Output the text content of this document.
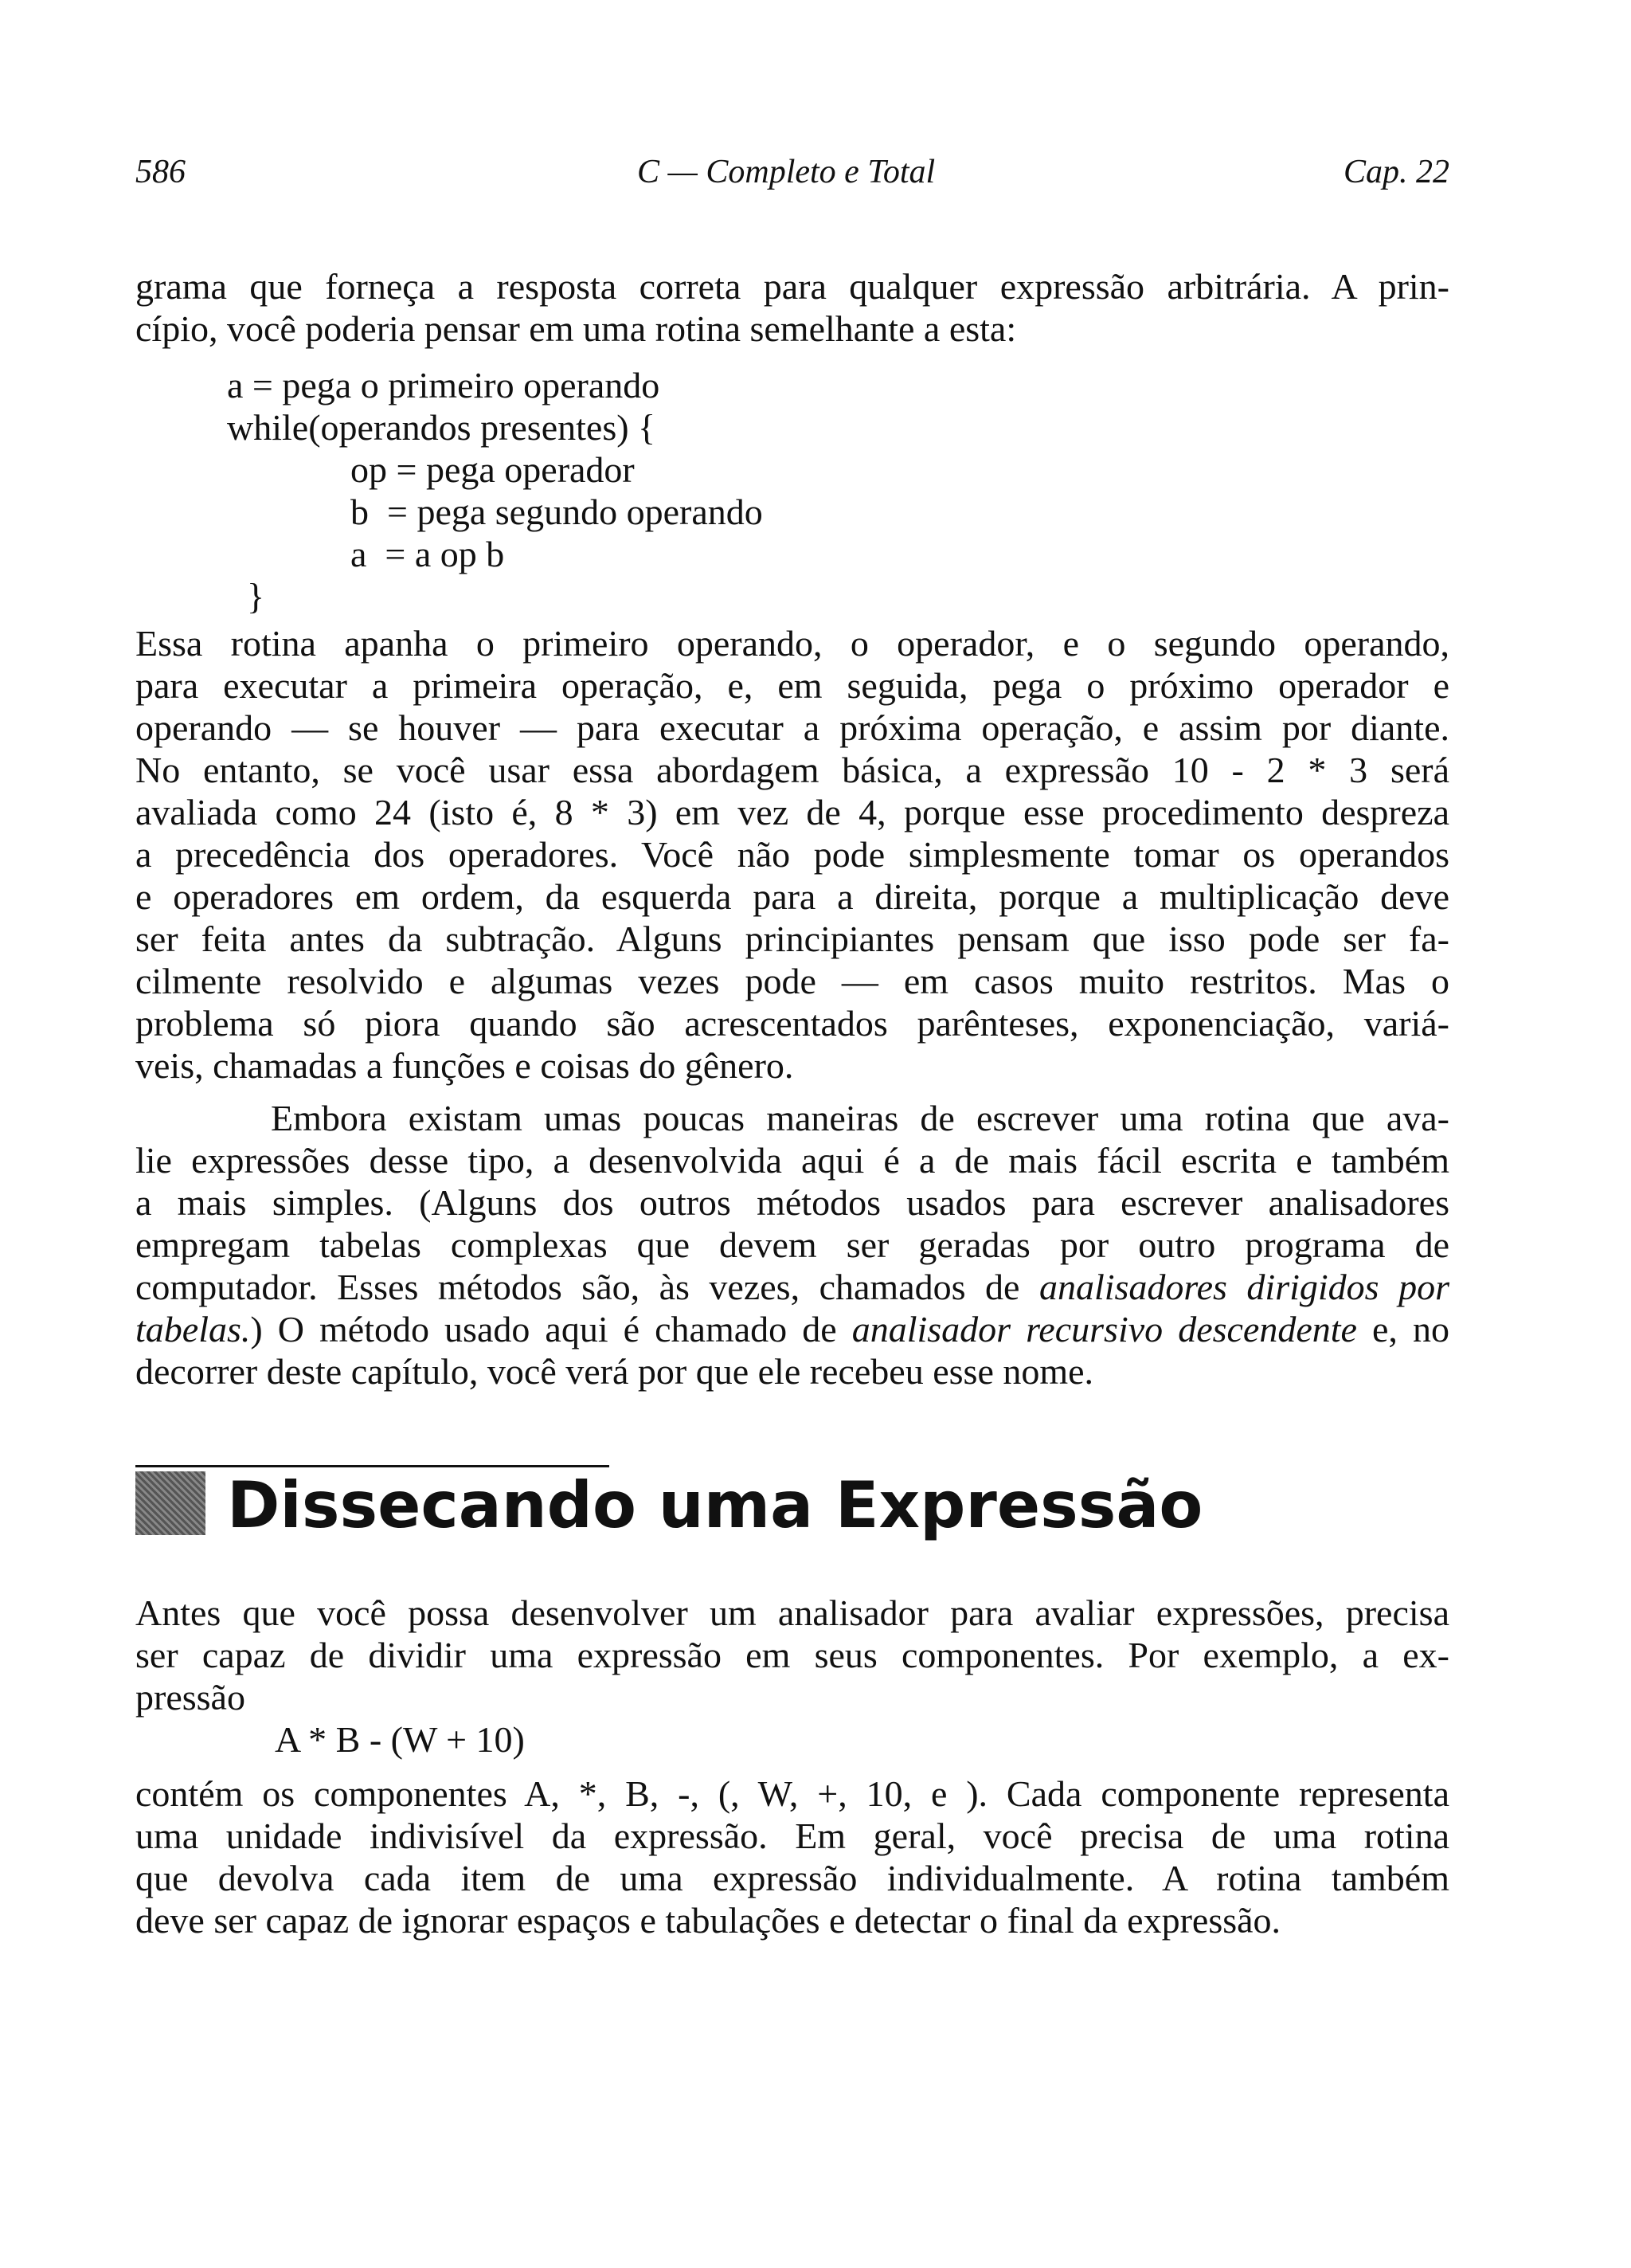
586	C — Completo e Total	Cap. 22
grama que forneça a resposta correta para qualquer expressão arbitrária. A prin-
cípio, você poderia pensar em uma rotina semelhante a esta:
a = pega o primeiro operando
while(operandos presentes) {
op = pega operador
b  = pega segundo operando
a  = a op b
}
Essa rotina apanha o primeiro operando, o operador, e o segundo operando,
para executar a primeira operação, e, em seguida, pega o próximo operador e
operando — se houver — para executar a próxima operação, e assim por diante.
No entanto, se você usar essa abordagem básica, a expressão 10 - 2 * 3 será
avaliada como 24 (isto é, 8 * 3) em vez de 4, porque esse procedimento despreza
a precedência dos operadores. Você não pode simplesmente tomar os operandos
e operadores em ordem, da esquerda para a direita, porque a multiplicação deve
ser feita antes da subtração. Alguns principiantes pensam que isso pode ser fa-
cilmente resolvido e algumas vezes pode — em casos muito restritos. Mas o
problema só piora quando são acrescentados parênteses, exponenciação, variá-
veis, chamadas a funções e coisas do gênero.
Embora existam umas poucas maneiras de escrever uma rotina que ava-
lie expressões desse tipo, a desenvolvida aqui é a de mais fácil escrita e também
a mais simples. (Alguns dos outros métodos usados para escrever analisadores
empregam tabelas complexas que devem ser geradas por outro programa de
computador. Esses métodos são, às vezes, chamados de analisadores dirigidos por
tabelas.) O método usado aqui é chamado de analisador recursivo descendente e, no
decorrer deste capítulo, você verá por que ele recebeu esse nome.
Dissecando uma Expressão
Antes que você possa desenvolver um analisador para avaliar expressões, precisa
ser capaz de dividir uma expressão em seus componentes. Por exemplo, a ex-
pressão
A * B - (W + 10)
contém os componentes A, *, B, -, (, W, +, 10, e ). Cada componente representa
uma unidade indivisível da expressão. Em geral, você precisa de uma rotina
que devolva cada item de uma expressão individualmente. A rotina também
deve ser capaz de ignorar espaços e tabulações e detectar o final da expressão.
